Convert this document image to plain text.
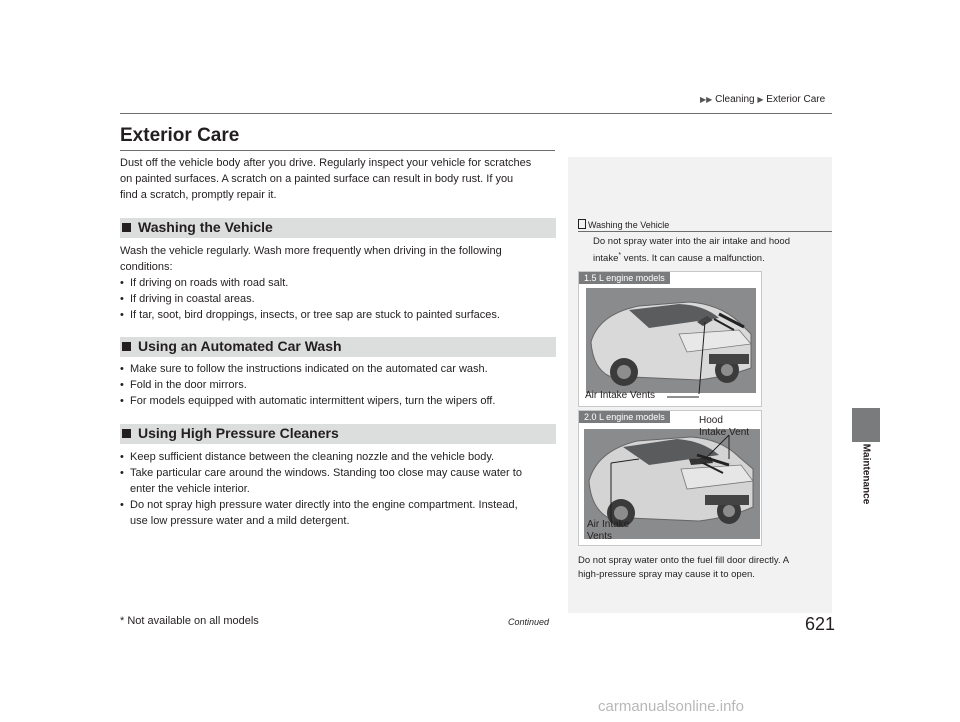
▶▶ Cleaning ▶ Exterior Care
Maintenance
Exterior Care
Dust off the vehicle body after you drive. Regularly inspect your vehicle for scratches
on painted surfaces. A scratch on a painted surface can result in body rust. If you
find a scratch, promptly repair it.
Washing the Vehicle
Wash the vehicle regularly. Wash more frequently when driving in the following
conditions:
• If driving on roads with road salt.
• If driving in coastal areas.
• If tar, soot, bird droppings, insects, or tree sap are stuck to painted surfaces.
Using an Automated Car Wash
• Make sure to follow the instructions indicated on the automated car wash.
• Fold in the door mirrors.
• For models equipped with automatic intermittent wipers, turn the wipers off.
Using High Pressure Cleaners
• Keep sufficient distance between the cleaning nozzle and the vehicle body.
• Take particular care around the windows. Standing too close may cause water to
enter the vehicle interior.
• Do not spray high pressure water directly into the engine compartment. Instead,
use low pressure water and a mild detergent.
Washing the Vehicle
Do not spray water into the air intake and hood
intake* vents. It can cause a malfunction.
1.5 L engine models
Air Intake Vents
2.0 L engine models	Hood
Intake Vent
Air Intake
Vents
Do not spray water onto the fuel fill door directly. A
high-pressure spray may cause it to open.
* Not available on all models	Continued	621
carmanualsonline.info
